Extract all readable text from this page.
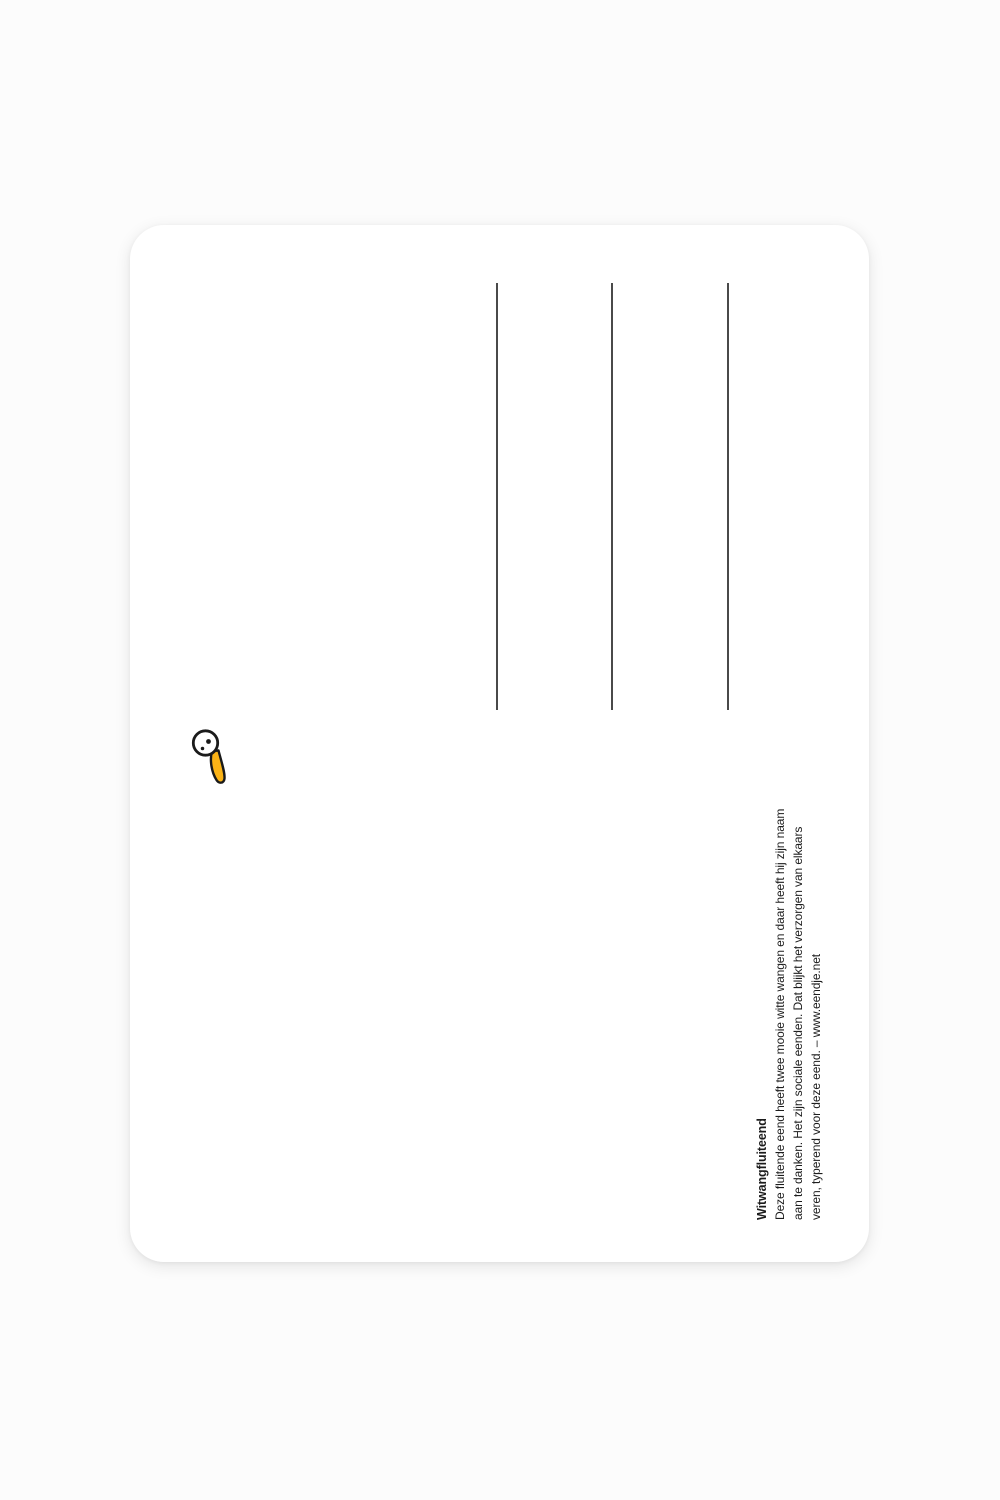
Witwangfluiteend Deze fluitende eend heeft twee mooie witte wangen en daar heeft hij zijn naam aan te danken. Het zijn sociale eenden. Dat blijkt het verzorgen van elkaars veren, typerend voor deze eend. – www.eendje.net
